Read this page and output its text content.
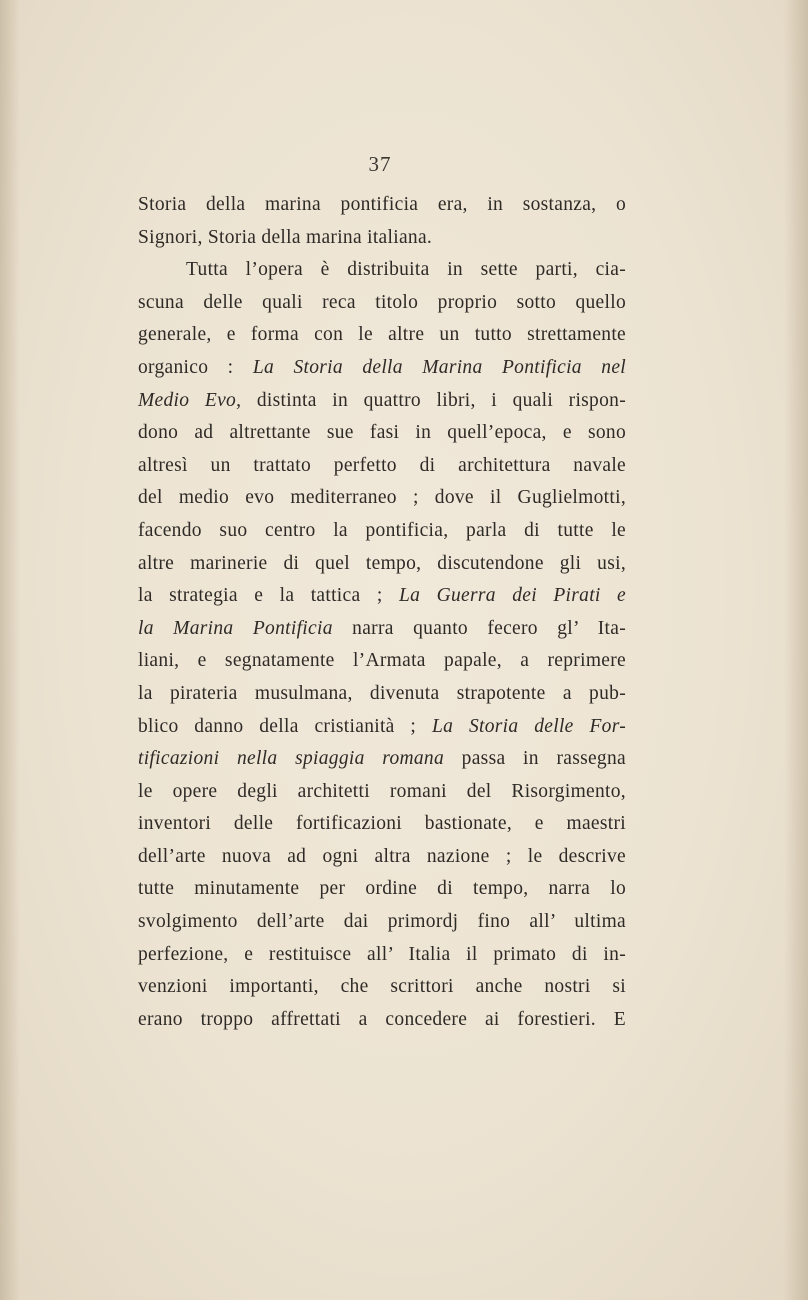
37
Storia della marina pontificia era, in sostanza, o
Signori, Storia della marina italiana.
Tutta l’opera è distribuita in sette parti, cia-
scuna delle quali reca titolo proprio sotto quello
generale, e forma con le altre un tutto strettamente
organico : La Storia della Marina Pontificia nel
Medio Evo, distinta in quattro libri, i quali rispon-
dono ad altrettante sue fasi in quell’epoca, e sono
altresì un trattato perfetto di architettura navale
del medio evo mediterraneo ; dove il Guglielmotti,
facendo suo centro la pontificia, parla di tutte le
altre marinerie di quel tempo, discutendone gli usi,
la strategia e la tattica ; La Guerra dei Pirati e
la Marina Pontificia narra quanto fecero gl’ Ita-
liani, e segnatamente l’Armata papale, a reprimere
la pirateria musulmana, divenuta strapotente a pub-
blico danno della cristianità ; La Storia delle For-
tificazioni nella spiaggia romana passa in rassegna
le opere degli architetti romani del Risorgimento,
inventori delle fortificazioni bastionate, e maestri
dell’arte nuova ad ogni altra nazione ; le descrive
tutte minutamente per ordine di tempo, narra lo
svolgimento dell’arte dai primordj fino all’ ultima
perfezione, e restituisce all’ Italia il primato di in-
venzioni importanti, che scrittori anche nostri si
erano troppo affrettati a concedere ai forestieri. E
